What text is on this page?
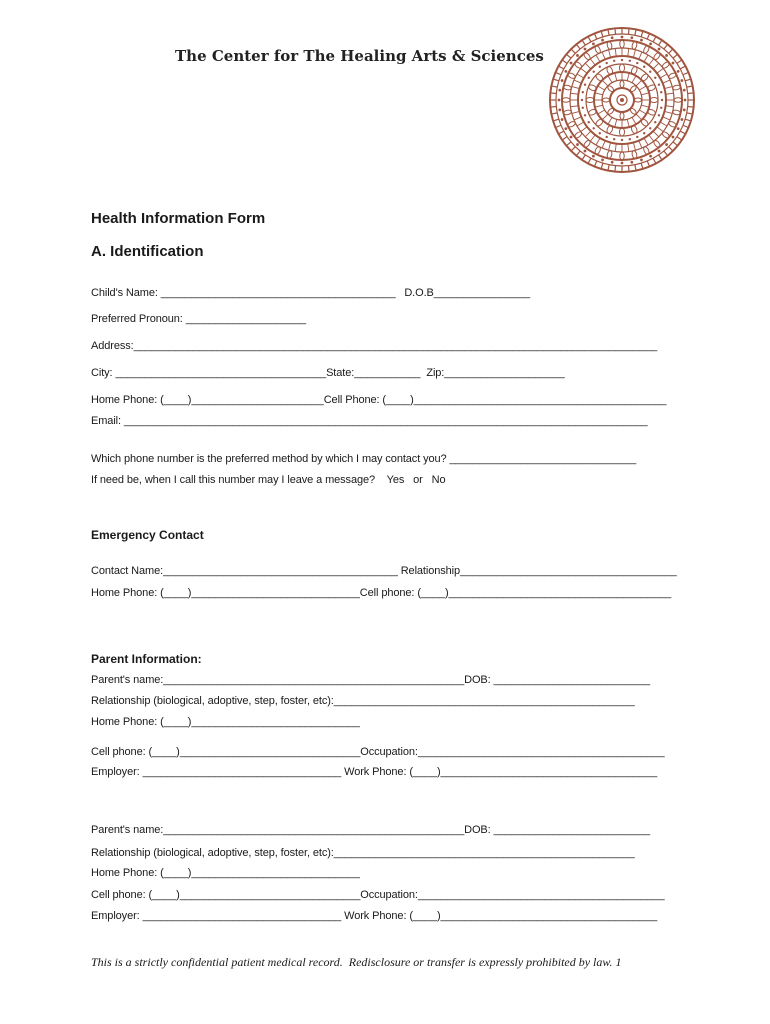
The Center for The Healing Arts & Sciences
Health Information Form
A. Identification
Child's Name: _______________________________________   D.O.B________________
Preferred Pronoun: ____________________
Address:_______________________________________________________________________________________
City: ___________________________________State:___________  Zip:____________________
Home Phone: (____)______________________Cell Phone: (____)__________________________________________
Email: _______________________________________________________________________________________
Which phone number is the preferred method by which I may contact you? _______________________________
If need be, when I call this number may I leave a message?    Yes   or   No
Emergency Contact
Contact Name:_______________________________________ Relationship____________________________________
Home Phone: (____)____________________________Cell phone: (____)_____________________________________
Parent Information:
Parent's name:__________________________________________________DOB: __________________________
Relationship (biological, adoptive, step, foster, etc):__________________________________________________
Home Phone: (____)____________________________
Cell phone: (____)______________________________Occupation:_________________________________________
Employer: _________________________________ Work Phone: (____)____________________________________
Parent's name:__________________________________________________DOB: __________________________
Relationship (biological, adoptive, step, foster, etc):__________________________________________________
Home Phone: (____)____________________________
Cell phone: (____)______________________________Occupation:_________________________________________
Employer: _________________________________ Work Phone: (____)____________________________________
This is a strictly confidential patient medical record.  Redisclosure or transfer is expressly prohibited by law. 1
